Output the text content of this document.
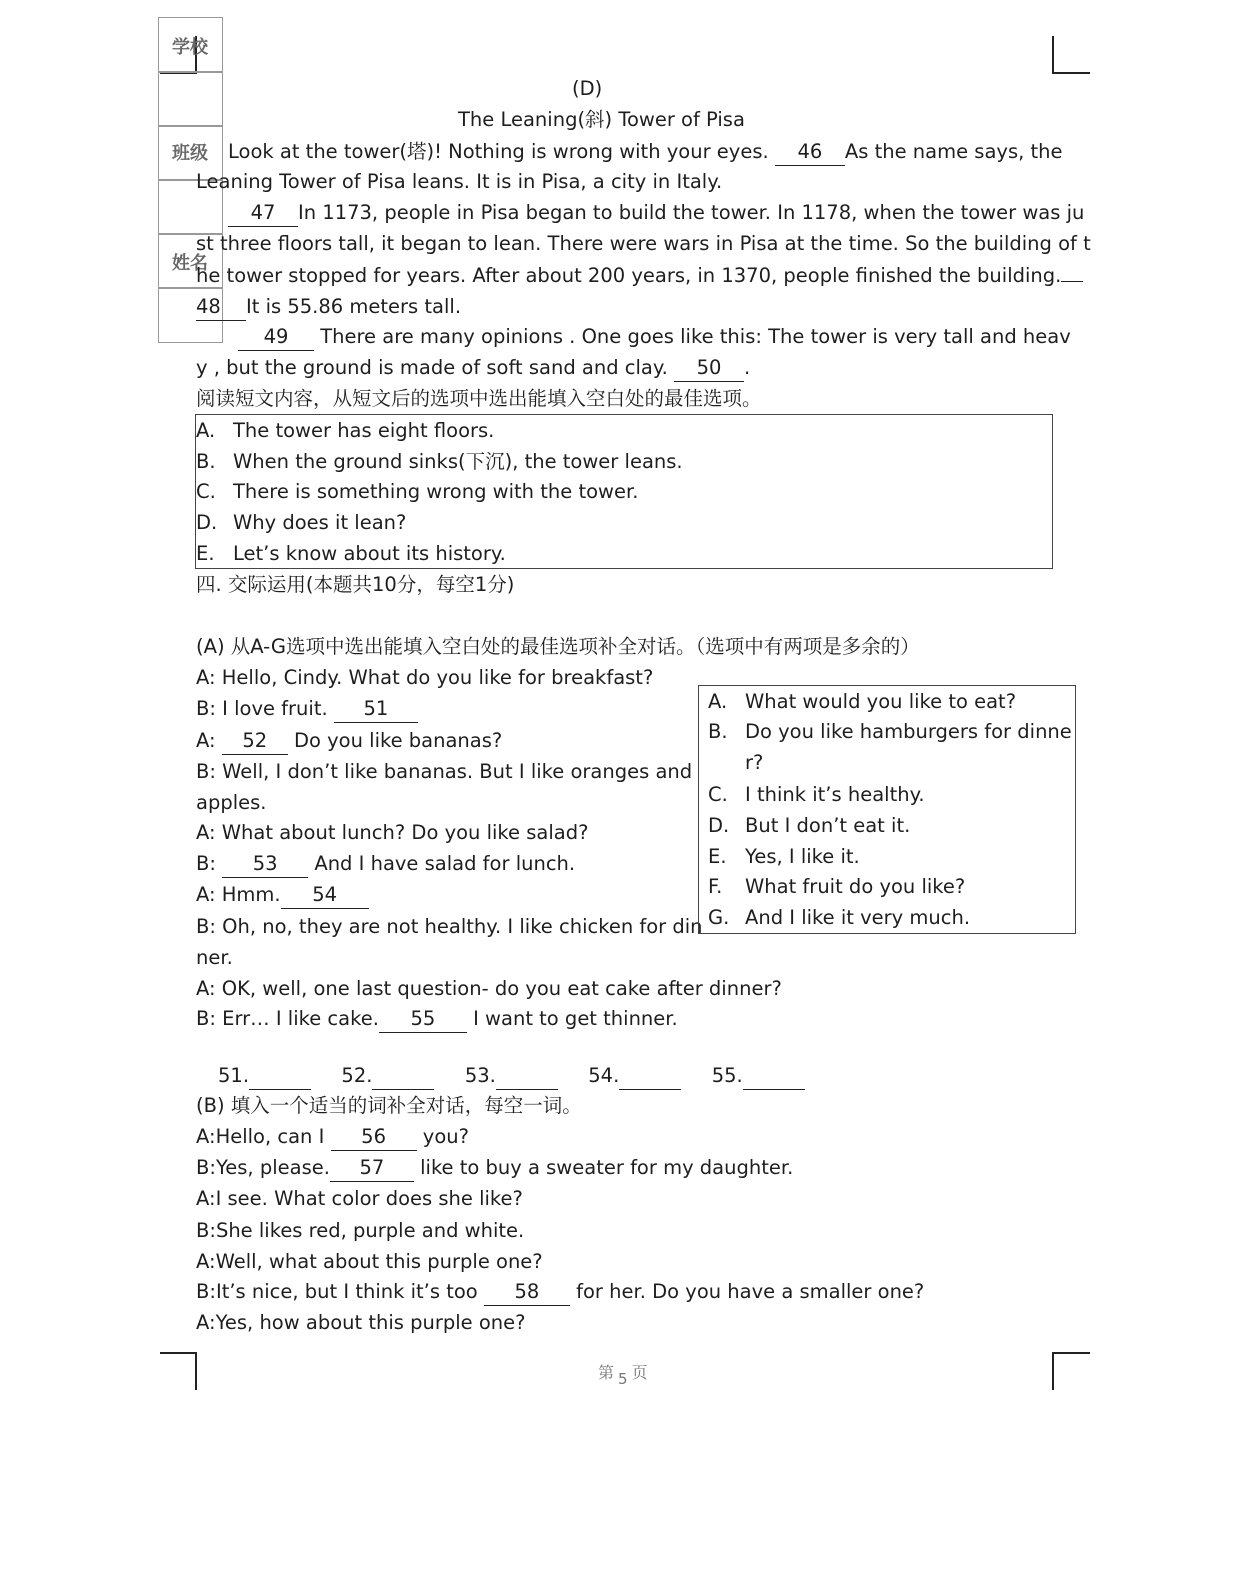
学校
班级
姓名
(D)
The Leaning(斜) Tower of Pisa
Look at the tower(塔)! Nothing is wrong with your eyes. 46 As the name says, the
Leaning Tower of Pisa leans. It is in Pisa, a city in Italy.
47 In 1173, people in Pisa began to build the tower. In 1178, when the tower was ju
st three floors tall, it began to lean. There were wars in Pisa at the time. So the building of t
he tower stopped for years. After about 200 years, in 1370, people finished the building.
48 It is 55.86 meters tall.
49 There are many opinions . One goes like this: The tower is very tall and heav
y , but the ground is made of soft sand and clay. 50 .
阅读短文内容，从短文后的选项中选出能填入空白处的最佳选项。
A. The tower has eight floors.
B. When the ground sinks(下沉), the tower leans.
C. There is something wrong with the tower.
D. Why does it lean?
E. Let’s know about its history.
四. 交际运用(本题共10分，每空1分)
(A) 从A-G选项中选出能填入空白处的最佳选项补全对话。（选项中有两项是多余的）
A: Hello, Cindy. What do you like for breakfast?
B: I love fruit. 51
A: 52 Do you like bananas?
B: Well, I don’t like bananas. But I like oranges and
apples.
A: What about lunch? Do you like salad?
B: 53 And I have salad for lunch.
A: Hmm. 54
B: Oh, no, they are not healthy. I like chicken for din
ner.
A: OK, well, one last question- do you eat cake after dinner?
B: Err… I like cake. 55 I want to get thinner.
A. What would you like to eat?
B. Do you like hamburgers for dinne
r?
C. I think it’s healthy.
D. But I don’t eat it.
E. Yes, I like it.
F. What fruit do you like?
G. And I like it very much.
51.	52.	53.	54.	55.
(B) 填入一个适当的词补全对话，每空一词。
A:Hello, can I 56 you?
B:Yes, please. 57 like to buy a sweater for my daughter.
A:I see. What color does she like?
B:She likes red, purple and white.
A:Well, what about this purple one?
B:It’s nice, but I think it’s too 58 for her. Do you have a smaller one?
A:Yes, how about this purple one?
第 5 页
